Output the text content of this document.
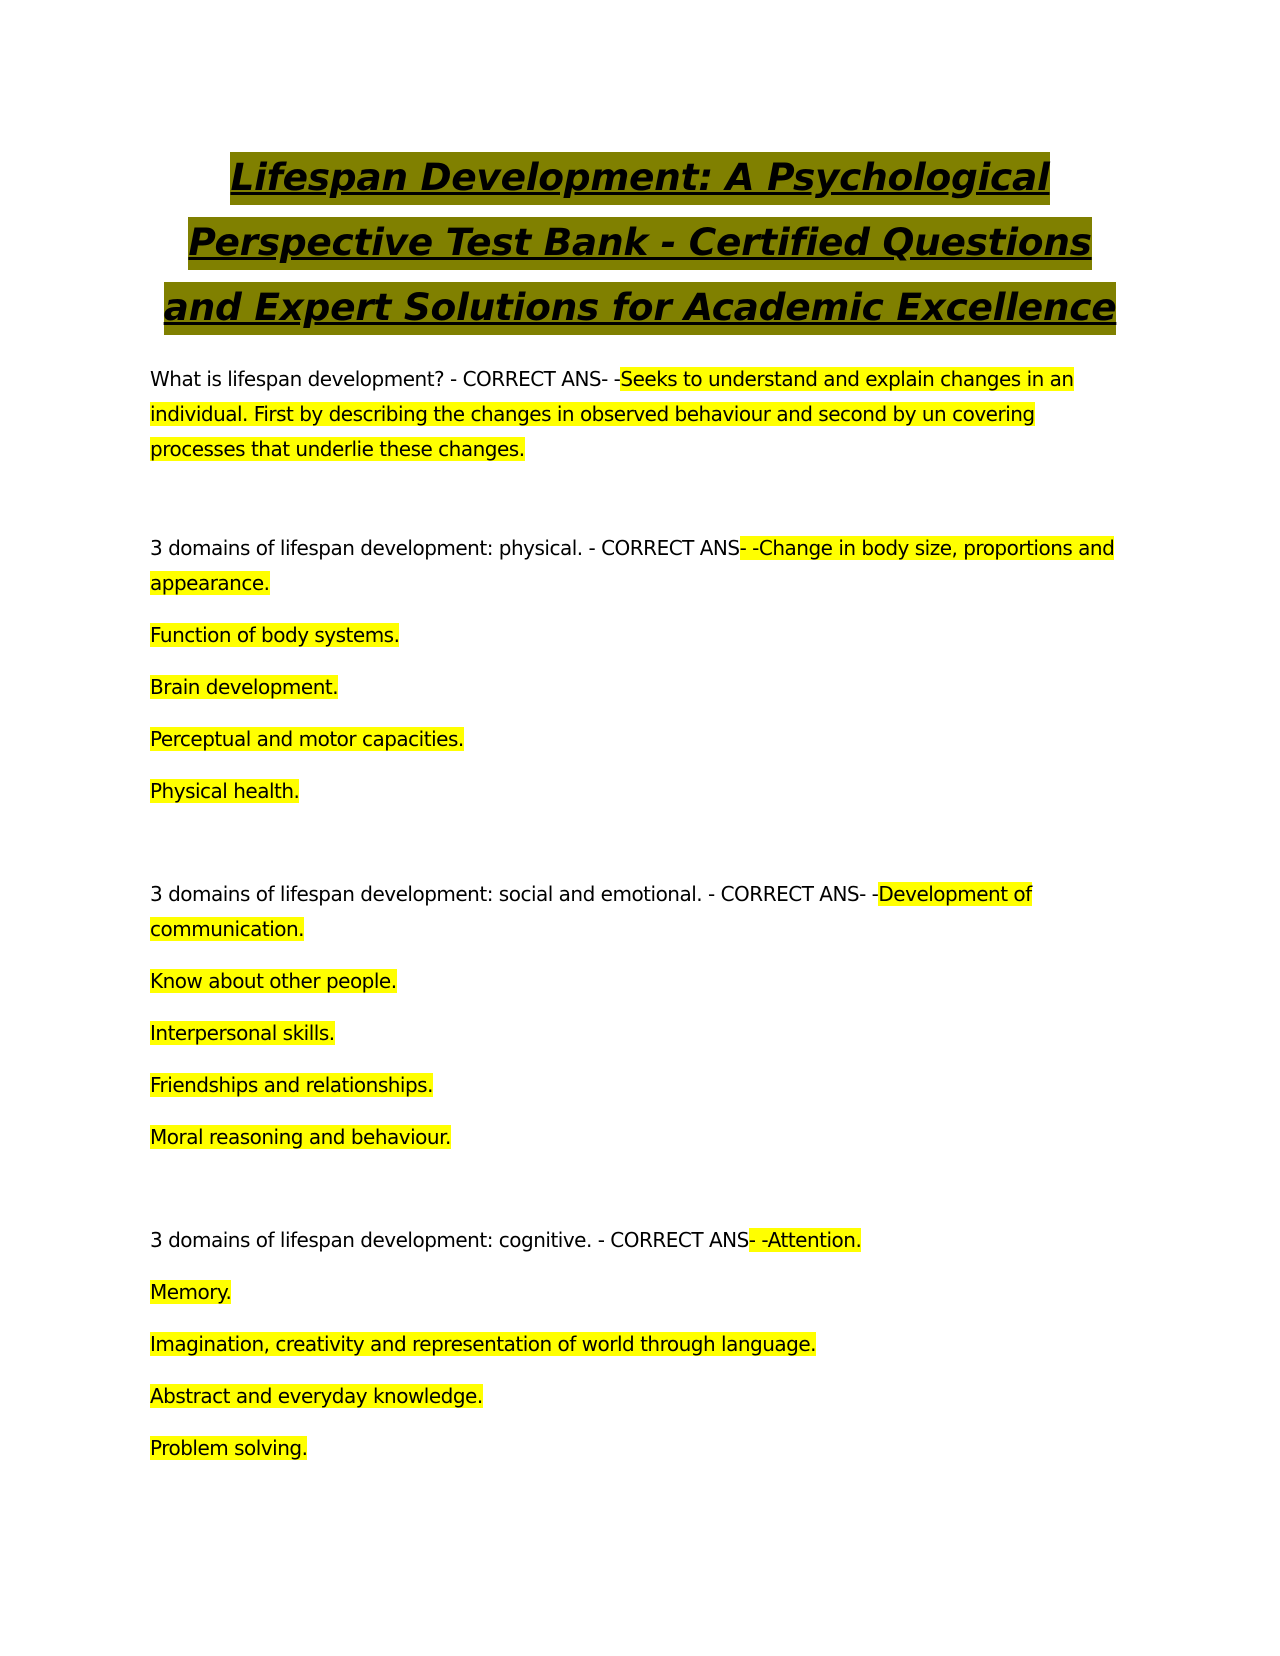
Lifespan Development: A Psychological
Perspective Test Bank - Certified Questions
and Expert Solutions for Academic Excellence

What is lifespan development? - CORRECT ANS- -Seeks to understand and explain changes in an individual. First by describing the changes in observed behaviour and second by un covering processes that underlie these changes.

3 domains of lifespan development: physical. - CORRECT ANS- -Change in body size, proportions and appearance.

Function of body systems.

Brain development.

Perceptual and motor capacities.

Physical health.

3 domains of lifespan development: social and emotional. - CORRECT ANS- -Development of communication.

Know about other people.

Interpersonal skills.

Friendships and relationships.

Moral reasoning and behaviour.

3 domains of lifespan development: cognitive. - CORRECT ANS- -Attention.

Memory.

Imagination, creativity and representation of world through language.

Abstract and everyday knowledge.

Problem solving.
